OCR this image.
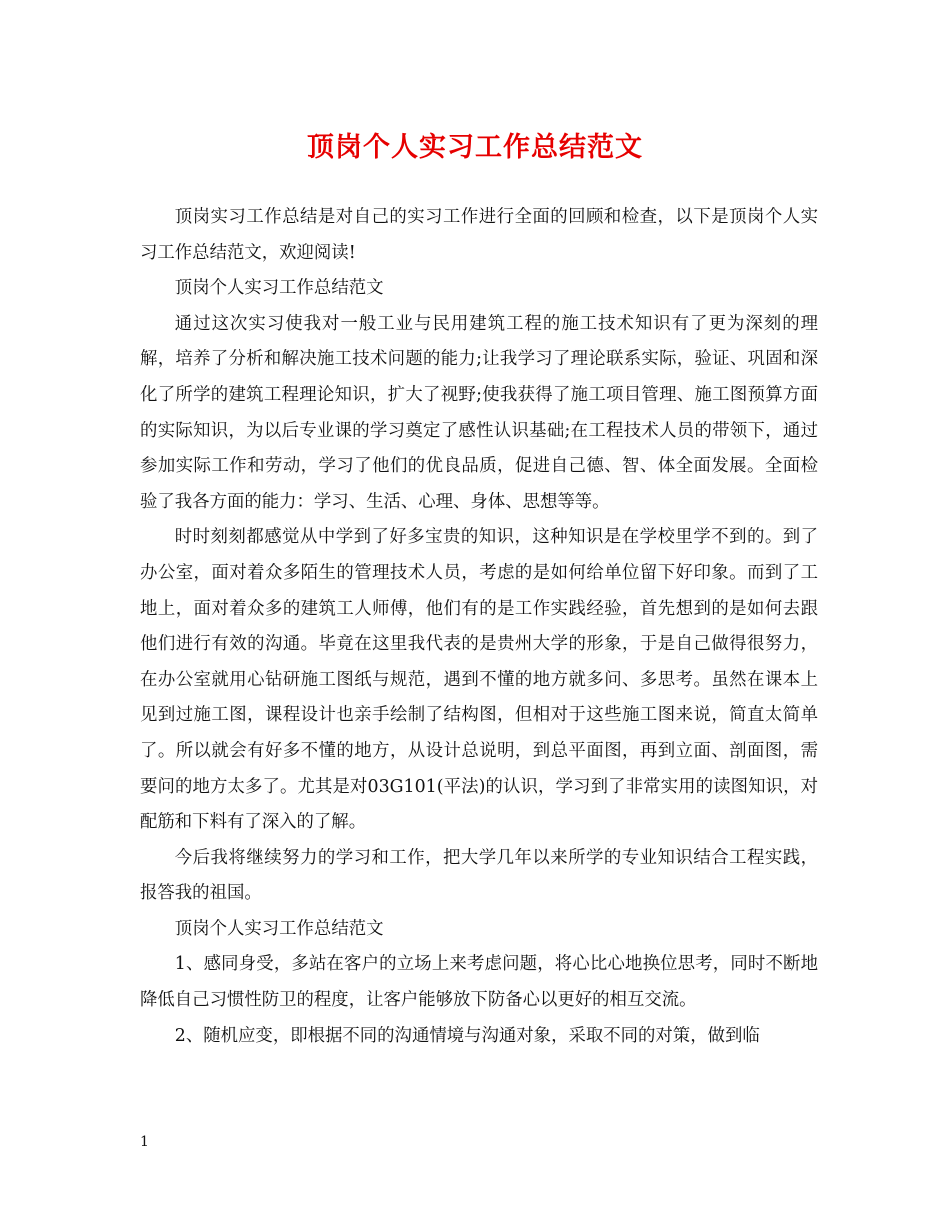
顶岗个人实习工作总结范文

顶岗实习工作总结是对自己的实习工作进行全面的回顾和检查，以下是顶岗个人实习工作总结范文，欢迎阅读!

顶岗个人实习工作总结范文

通过这次实习使我对一般工业与民用建筑工程的施工技术知识有了更为深刻的理解，培养了分析和解决施工技术问题的能力;让我学习了理论联系实际，验证、巩固和深化了所学的建筑工程理论知识，扩大了视野;使我获得了施工项目管理、施工图预算方面的实际知识，为以后专业课的学习奠定了感性认识基础;在工程技术人员的带领下，通过参加实际工作和劳动，学习了他们的优良品质，促进自己德、智、体全面发展。全面检验了我各方面的能力：学习、生活、心理、身体、思想等等。

时时刻刻都感觉从中学到了好多宝贵的知识，这种知识是在学校里学不到的。到了办公室，面对着众多陌生的管理技术人员，考虑的是如何给单位留下好印象。而到了工地上，面对着众多的建筑工人师傅，他们有的是工作实践经验，首先想到的是如何去跟他们进行有效的沟通。毕竟在这里我代表的是贵州大学的形象，于是自己做得很努力，在办公室就用心钻研施工图纸与规范，遇到不懂的地方就多问、多思考。虽然在课本上见到过施工图，课程设计也亲手绘制了结构图，但相对于这些施工图来说，简直太简单了。所以就会有好多不懂的地方，从设计总说明，到总平面图，再到立面、剖面图，需要问的地方太多了。尤其是对03G101(平法)的认识，学习到了非常实用的读图知识，对配筋和下料有了深入的了解。

今后我将继续努力的学习和工作，把大学几年以来所学的专业知识结合工程实践，报答我的祖国。

顶岗个人实习工作总结范文

1、感同身受，多站在客户的立场上来考虑问题，将心比心地换位思考，同时不断地降低自己习惯性防卫的程度，让客户能够放下防备心以更好的相互交流。

2、随机应变，即根据不同的沟通情境与沟通对象，采取不同的对策，做到临

1
